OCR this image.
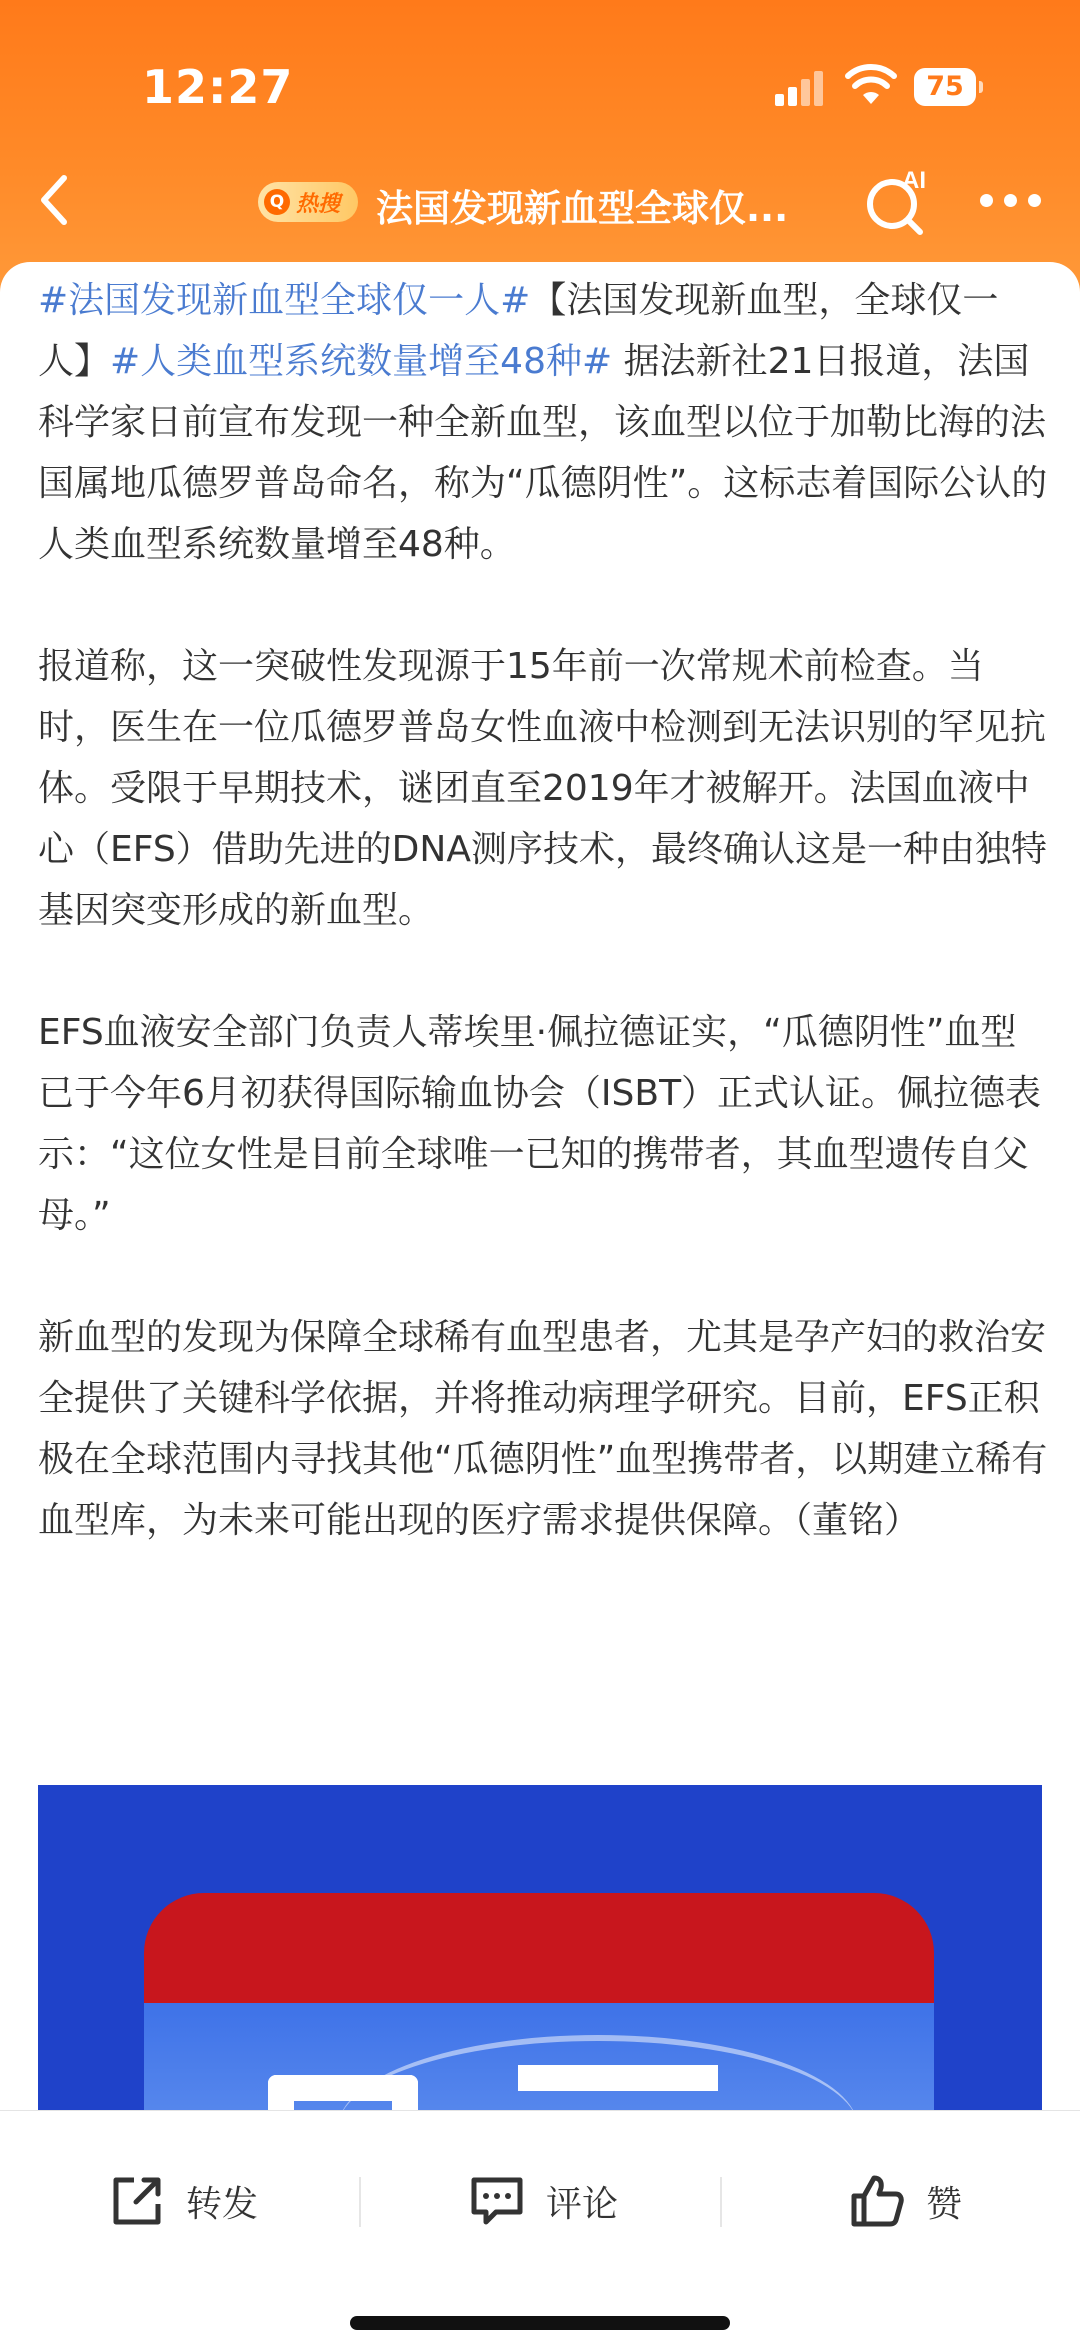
12:27	75
Q 热搜 法国发现新血型全球仅...
AI

#法国发现新血型全球仅一人#【法国发现新血型，全球仅一人】#人类血型系统数量增至48种# 据法新社21日报道，法国科学家日前宣布发现一种全新血型，该血型以位于加勒比海的法国属地瓜德罗普岛命名，称为“瓜德阴性”。这标志着国际公认的人类血型系统数量增至48种。

报道称，这一突破性发现源于15年前一次常规术前检查。当时，医生在一位瓜德罗普岛女性血液中检测到无法识别的罕见抗体。受限于早期技术，谜团直至2019年才被解开。法国血液中心（EFS）借助先进的DNA测序技术，最终确认这是一种由独特基因突变形成的新血型。

EFS血液安全部门负责人蒂埃里·佩拉德证实，“瓜德阴性”血型已于今年6月初获得国际输血协会（ISBT）正式认证。佩拉德表示：“这位女性是目前全球唯一已知的携带者，其血型遗传自父母。”

新血型的发现为保障全球稀有血型患者，尤其是孕产妇的救治安全提供了关键科学依据，并将推动病理学研究。目前，EFS正积极在全球范围内寻找其他“瓜德阴性”血型携带者，以期建立稀有血型库，为未来可能出现的医疗需求提供保障。（董铭）

转发	评论	赞
